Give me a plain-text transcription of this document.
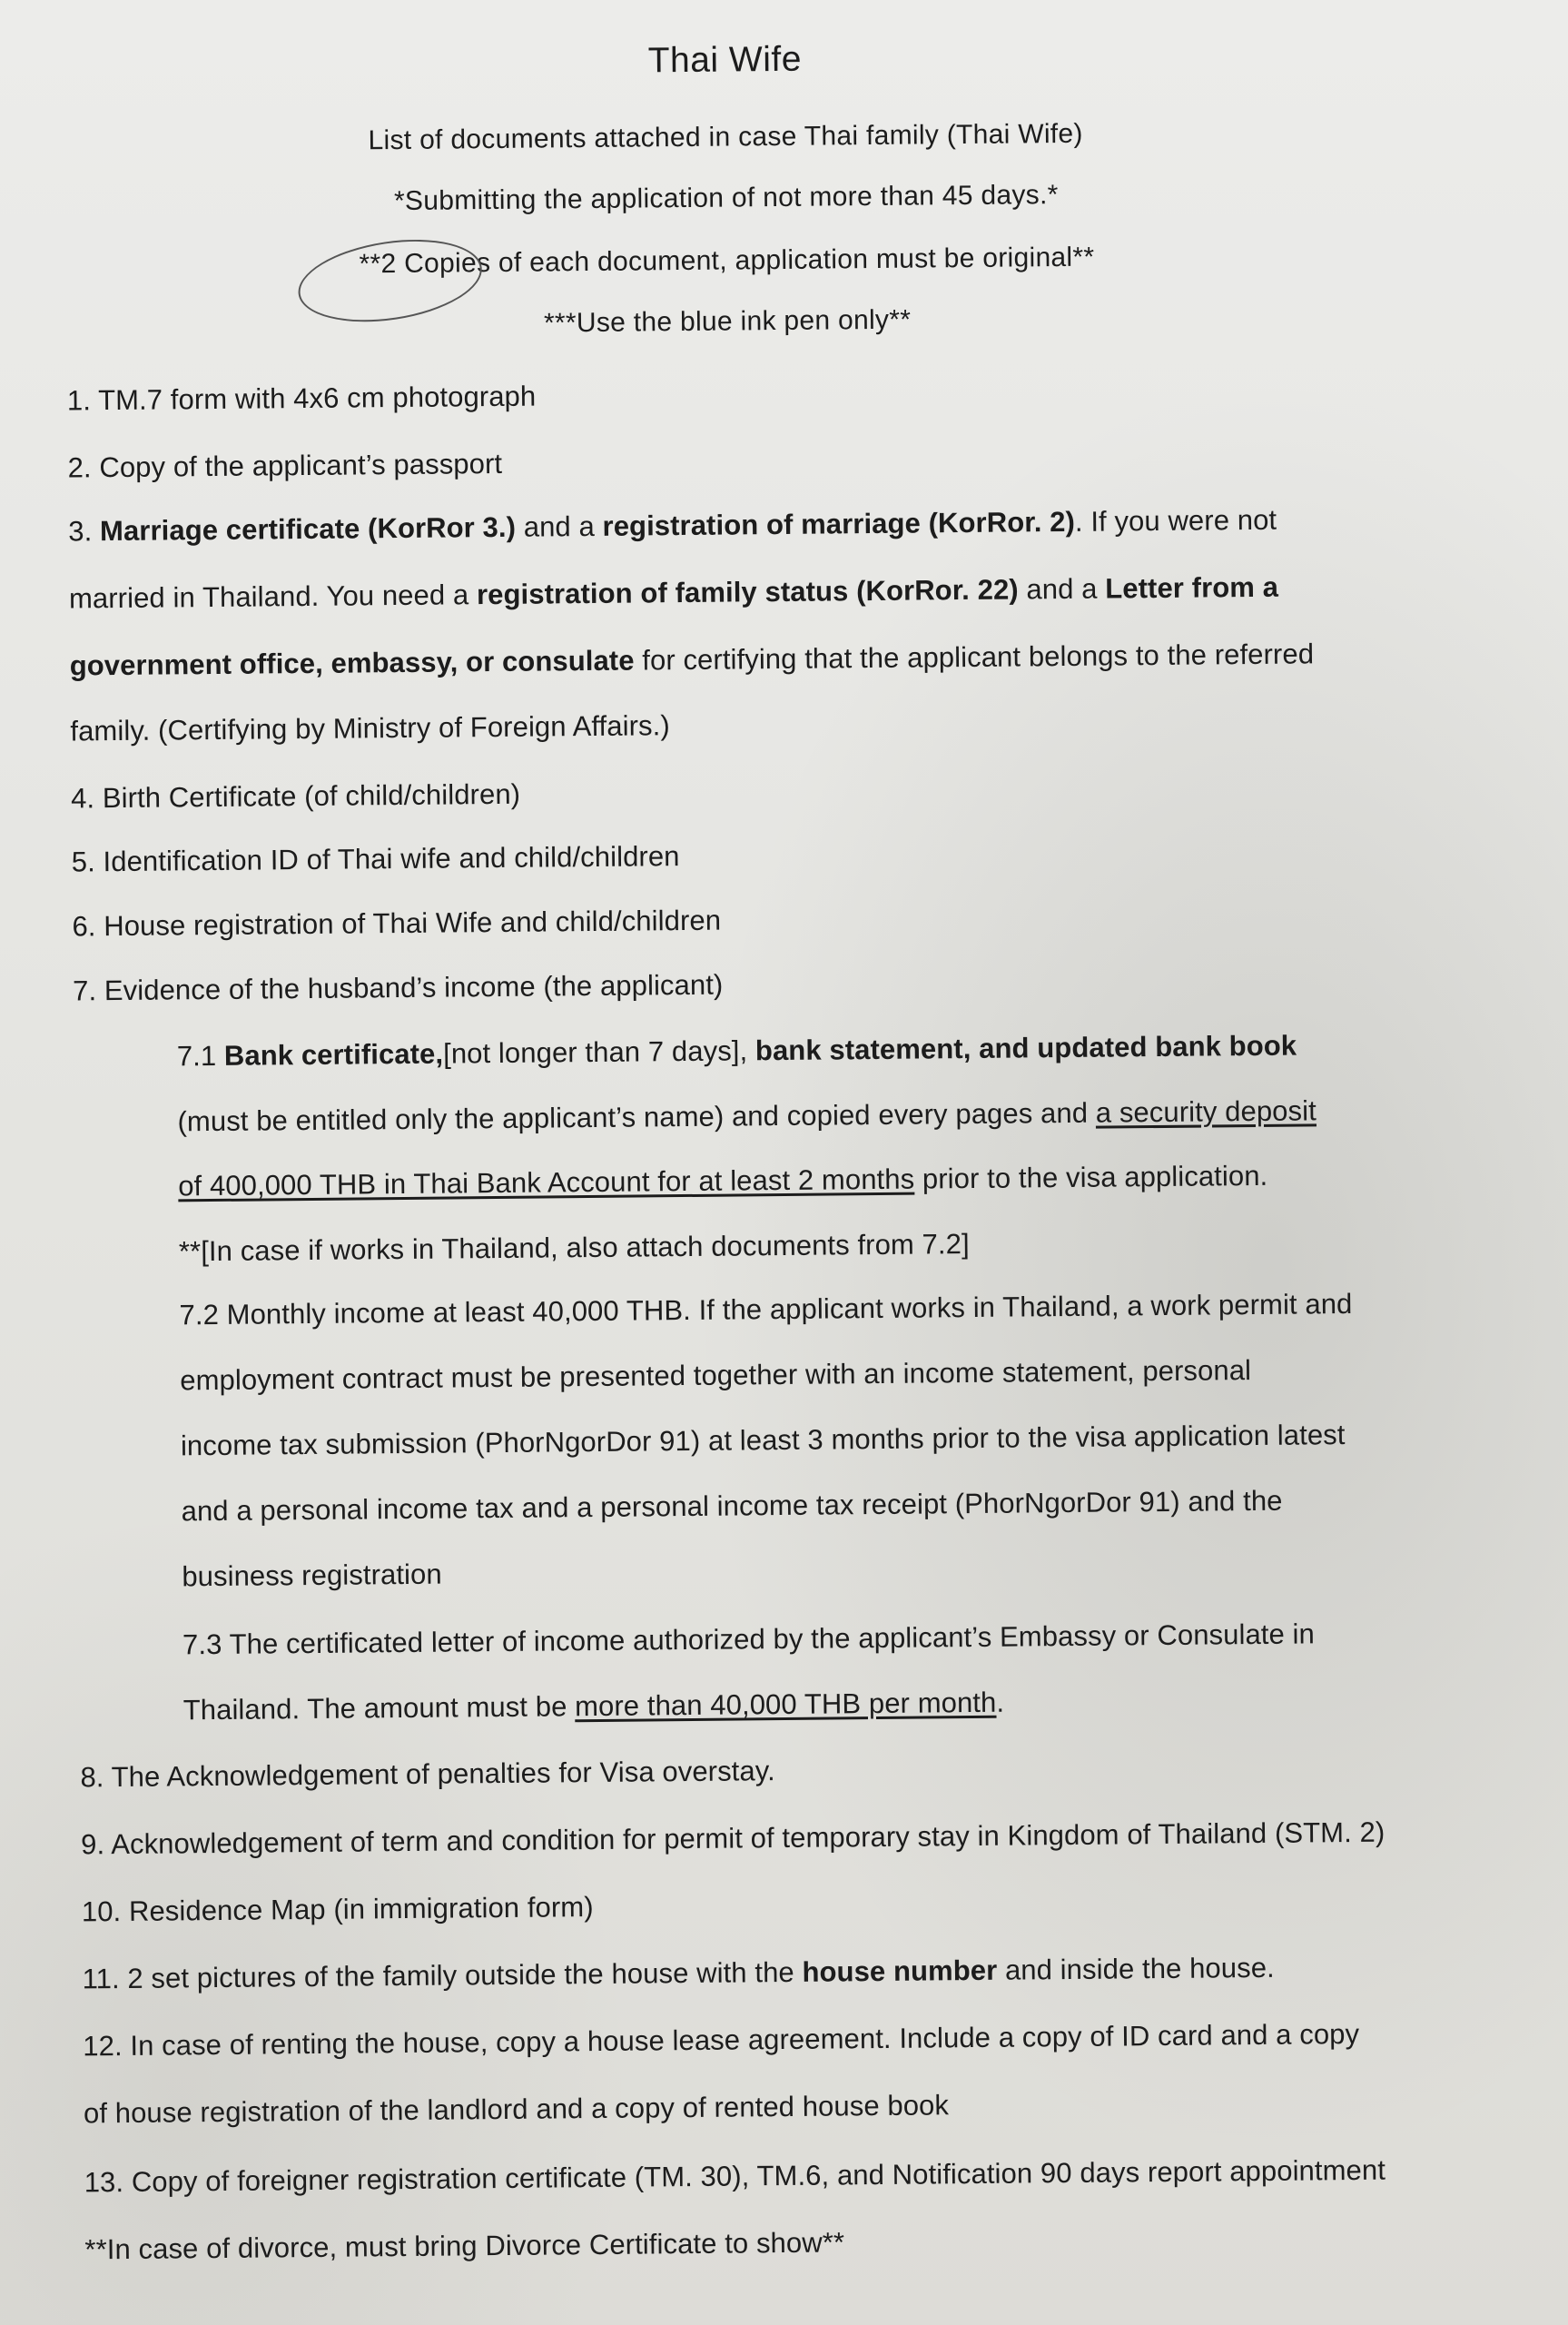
Thai Wife
List of documents attached in case Thai family (Thai Wife)
*Submitting the application of not more than 45 days.*
**2 Copies of each document, application must be original**
***Use the blue ink pen only**
1. TM.7 form with 4x6 cm photograph
2. Copy of the applicant’s passport
3. Marriage certificate (KorRor 3.) and a registration of marriage (KorRor. 2). If you were not
married in Thailand. You need a registration of family status (KorRor. 22) and a Letter from a
government office, embassy, or consulate for certifying that the applicant belongs to the referred
family. (Certifying by Ministry of Foreign Affairs.)
4. Birth Certificate (of child/children)
5. Identification ID of Thai wife and child/children
6. House registration of Thai Wife and child/children
7. Evidence of the husband’s income (the applicant)
7.1 Bank certificate,[not longer than 7 days], bank statement, and updated bank book
(must be entitled only the applicant’s name) and copied every pages and a security deposit
of 400,000 THB in Thai Bank Account for at least 2 months prior to the visa application.
**[In case if works in Thailand, also attach documents from 7.2]
7.2 Monthly income at least 40,000 THB. If the applicant works in Thailand, a work permit and
employment contract must be presented together with an income statement, personal
income tax submission (PhorNgorDor 91) at least 3 months prior to the visa application latest
and a personal income tax and a personal income tax receipt (PhorNgorDor 91) and the
business registration
7.3 The certificated letter of income authorized by the applicant’s Embassy or Consulate in
Thailand. The amount must be more than 40,000 THB per month.
8. The Acknowledgement of penalties for Visa overstay.
9. Acknowledgement of term and condition for permit of temporary stay in Kingdom of Thailand (STM. 2)
10. Residence Map (in immigration form)
11. 2 set pictures of the family outside the house with the house number and inside the house.
12. In case of renting the house, copy a house lease agreement. Include a copy of ID card and a copy
of house registration of the landlord and a copy of rented house book
13. Copy of foreigner registration certificate (TM. 30), TM.6, and Notification 90 days report appointment
**In case of divorce, must bring Divorce Certificate to show**
